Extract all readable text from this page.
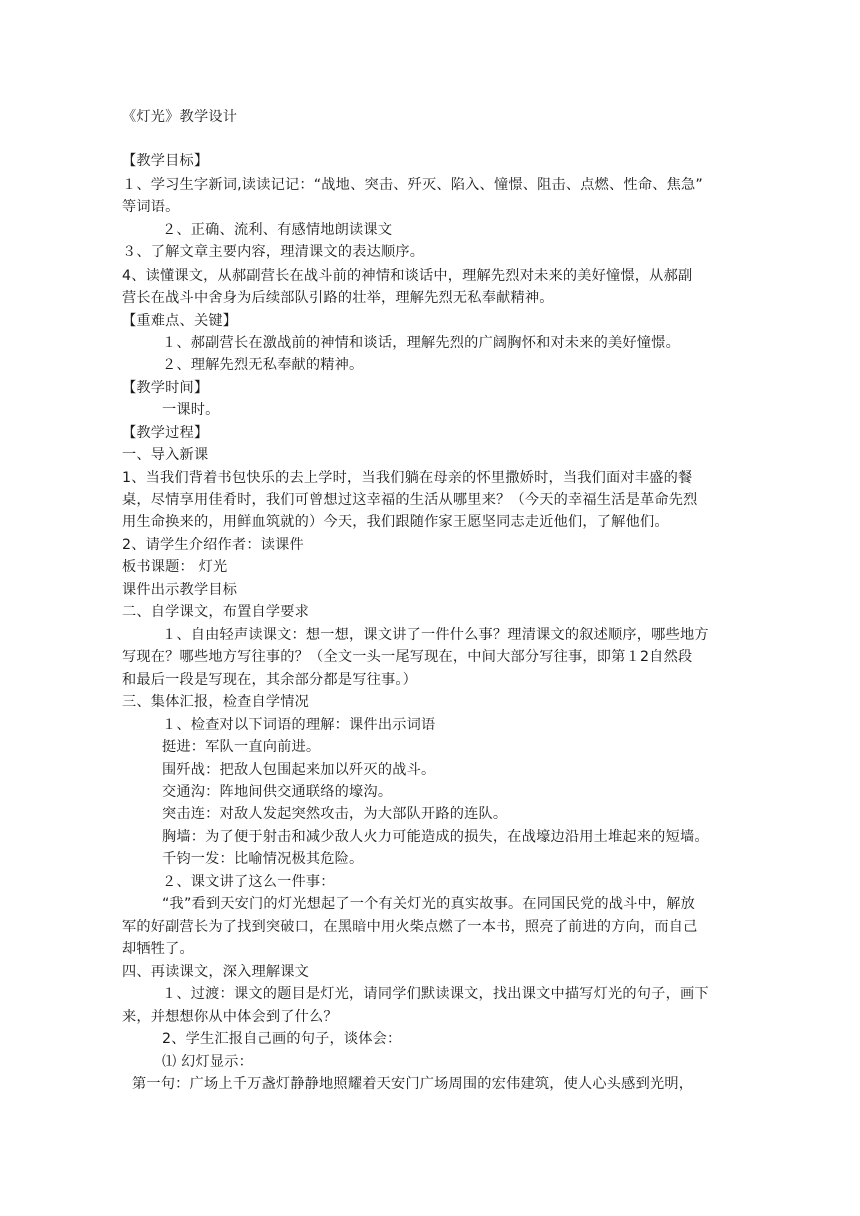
《灯光》教学设计
【教学目标】
１、学习生字新词,读读记记：“战地、突击、歼灭、陷入、憧憬、阻击、点燃、性命、焦急”
等词语。
２、正确、流利、有感情地朗读课文
３、了解文章主要内容，理清课文的表达顺序。
4、读懂课文，从郝副营长在战斗前的神情和谈话中，理解先烈对未来的美好憧憬，从郝副
营长在战斗中舍身为后续部队引路的壮举，理解先烈无私奉献精神。
【重难点、关键】
１、郝副营长在激战前的神情和谈话，理解先烈的广阔胸怀和对未来的美好憧憬。
２、理解先烈无私奉献的精神。
【教学时间】
一课时。
【教学过程】
一、导入新课
1、当我们背着书包快乐的去上学时，当我们躺在母亲的怀里撒娇时，当我们面对丰盛的餐
桌，尽情享用佳肴时，我们可曾想过这幸福的生活从哪里来？（今天的幸福生活是革命先烈
用生命换来的，用鲜血筑就的）今天，我们跟随作家王愿坚同志走近他们，了解他们。
2、请学生介绍作者：读课件
板书课题： 灯光
课件出示教学目标
二、自学课文，布置自学要求
１、自由轻声读课文：想一想，课文讲了一件什么事？理清课文的叙述顺序，哪些地方
写现在？哪些地方写往事的？（全文一头一尾写现在，中间大部分写往事，即第１2自然段
和最后一段是写现在，其余部分都是写往事。）
三、集体汇报，检查自学情况
１、检查对以下词语的理解：课件出示词语
挺进：军队一直向前进。
围歼战：把敌人包围起来加以歼灭的战斗。
交通沟：阵地间供交通联络的壕沟。
突击连：对敌人发起突然攻击，为大部队开路的连队。
胸墙：为了便于射击和减少敌人火力可能造成的损失，在战壕边沿用土堆起来的短墙。
千钧一发：比喻情况极其危险。
２、课文讲了这么一件事：
“我”看到天安门的灯光想起了一个有关灯光的真实故事。在同国民党的战斗中，解放
军的好副营长为了找到突破口，在黑暗中用火柴点燃了一本书，照亮了前进的方向，而自己
却牺牲了。
四、再读课文，深入理解课文
１、过渡：课文的题目是灯光，请同学们默读课文，找出课文中描写灯光的句子，画下
来，并想想你从中体会到了什么？
2、学生汇报自己画的句子，谈体会：
⑴ 幻灯显示：
第一句：广场上千万盏灯静静地照耀着天安门广场周围的宏伟建筑，使人心头感到光明，
